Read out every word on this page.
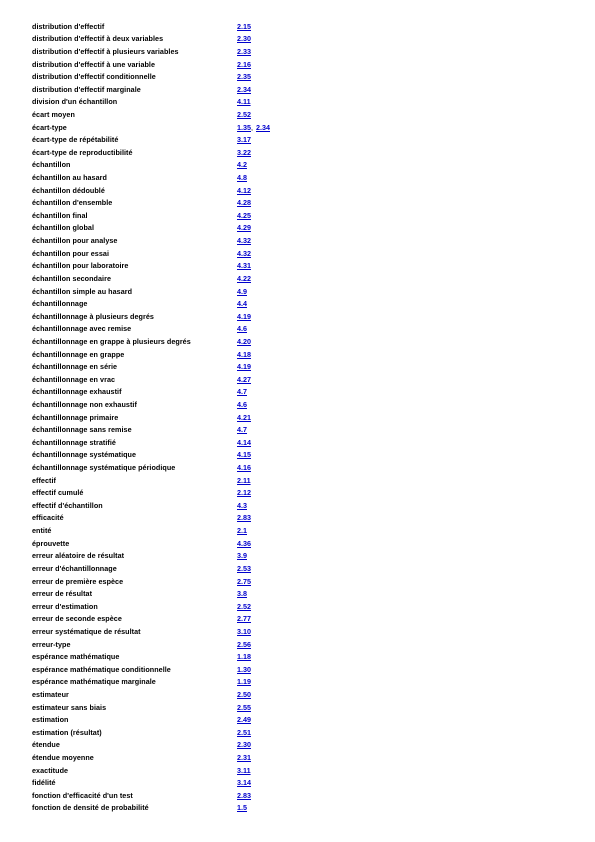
distribution d'effectif	2.15
distribution d'effectif à deux variables	2.30
distribution d'effectif à plusieurs variables	2.33
distribution d'effectif à une variable	2.16
distribution d'effectif conditionnelle	2.35
distribution d'effectif marginale	2.34
division d'un échantillon	4.11
écart moyen	2.52
écart-type	1.35 , 2.34
écart-type de répétabilité	3.17
écart-type de reproductibilité	3.22
échantillon	4.2
échantillon au hasard	4.8
échantillon dédoublé	4.12
échantillon d'ensemble	4.28
échantillon final	4.25
échantillon global	4.29
échantillon pour analyse	4.32
échantillon pour essai	4.32
échantillon pour laboratoire	4.31
échantillon secondaire	4.22
échantillon simple au hasard	4.9
échantillonnage	4.4
échantillonnage à plusieurs degrés	4.19
échantillonnage avec remise	4.6
échantillonnage en grappe à plusieurs degrés	4.20
échantillonnage en grappe	4.18
échantillonnage en série	4.19
échantillonnage en vrac	4.27
échantillonnage exhaustif	4.7
échantillonnage non exhaustif	4.6
échantillonnage primaire	4.21
échantillonnage sans remise	4.7
échantillonnage stratifié	4.14
échantillonnage systématique	4.15
échantillonnage systématique périodique	4.16
effectif	2.11
effectif cumulé	2.12
effectif d'échantillon	4.3
efficacité	2.83
entité	2.1
éprouvette	4.36
erreur aléatoire de résultat	3.9
erreur d'échantillonnage	2.53
erreur de première espèce	2.75
erreur de résultat	3.8
erreur d'estimation	2.52
erreur de seconde espèce	2.77
erreur systématique de résultat	3.10
erreur-type	2.56
espérance mathématique	1.18
espérance mathématique conditionnelle	1.30
espérance mathématique marginale	1.19
estimateur	2.50
estimateur sans biais	2.55
estimation	2.49
estimation (résultat)	2.51
étendue	2.30
étendue moyenne	2.31
exactitude	3.11
fidélité	3.14
fonction d'efficacité d'un test	2.83
fonction de densité de probabilité	1.5
